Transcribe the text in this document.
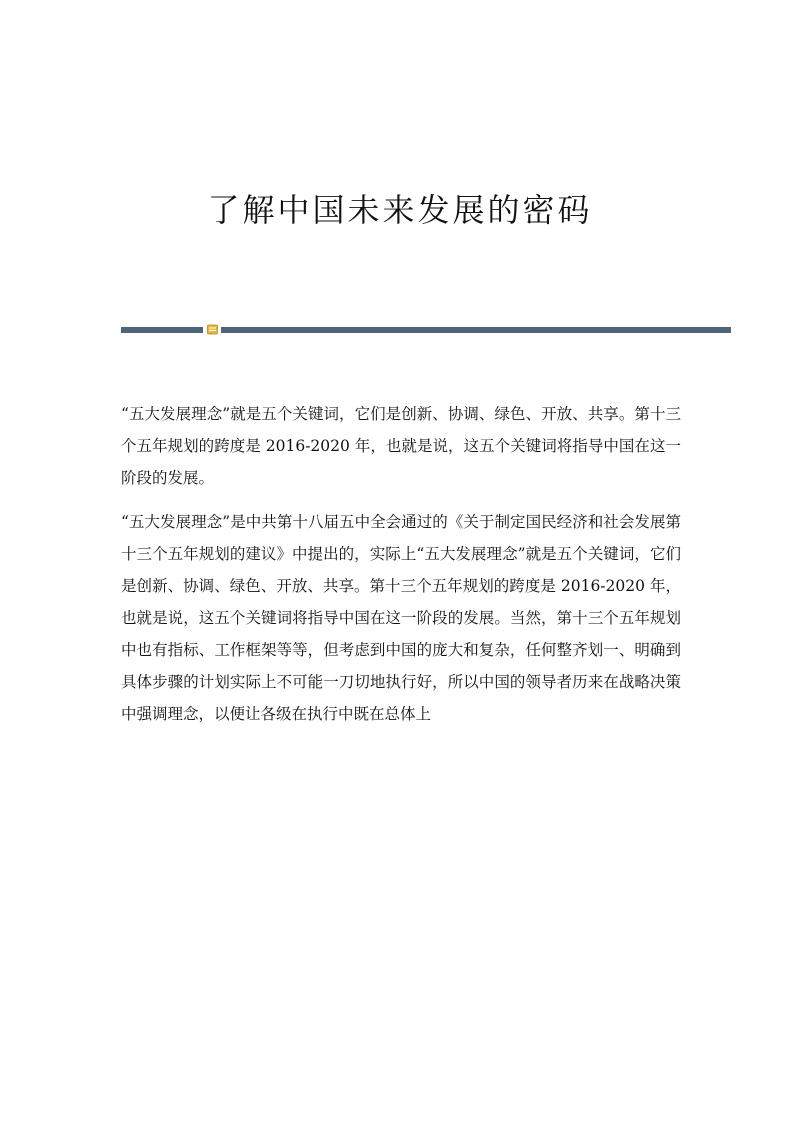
了解中国未来发展的密码

“五大发展理念”就是五个关键词，它们是创新、协调、绿色、开放、共享。第十三个五年规划的跨度是 2016-2020 年，也就是说，这五个关键词将指导中国在这一阶段的发展。

“五大发展理念”是中共第十八届五中全会通过的《关于制定国民经济和社会发展第十三个五年规划的建议》中提出的，实际上“五大发展理念”就是五个关键词，它们是创新、协调、绿色、开放、共享。第十三个五年规划的跨度是 2016-2020 年，也就是说，这五个关键词将指导中国在这一阶段的发展。当然，第十三个五年规划中也有指标、工作框架等等，但考虑到中国的庞大和复杂，任何整齐划一、明确到具体步骤的计划实际上不可能一刀切地执行好，所以中国的领导者历来在战略决策中强调理念，以便让各级在执行中既在总体上
